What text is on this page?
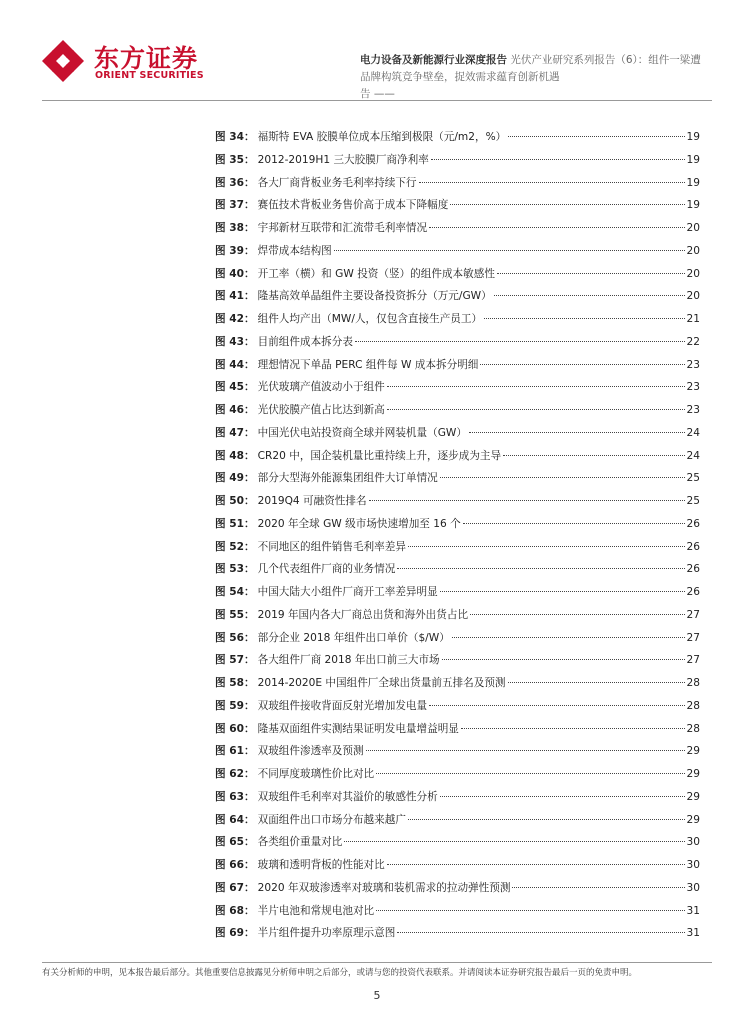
东方证券
ORIENT SECURITIES
电力设备及新能源行业深度报告 光伏产业研究系列报告（6）：组件一梁遭品牌构筑竞争壁垒，捉效需求蕴育创新机遇
告 ——
图 34： 福斯特 EVA 胶膜单位成本压缩到极限（元/m2，%）	19
图 35： 2012-2019H1 三大胶膜厂商净利率	19
图 36： 各大厂商背板业务毛利率持续下行	19
图 37： 赛伍技术背板业务售价高于成本下降幅度	19
图 38： 宇邦新材互联带和汇流带毛利率情况	20
图 39： 焊带成本结构图	20
图 40： 开工率（横）和 GW 投资（竖）的组件成本敏感性	20
图 41： 隆基高效单晶组件主要设备投资拆分（万元/GW）	20
图 42： 组件人均产出（MW/人，仅包含直接生产员工）	21
图 43： 目前组件成本拆分表	22
图 44： 理想情况下单晶 PERC 组件每 W 成本拆分明细	23
图 45： 光伏玻璃产值波动小于组件	23
图 46： 光伏胶膜产值占比达到新高	23
图 47： 中国光伏电站投资商全球并网装机量（GW）	24
图 48： CR20 中，国企装机量比重持续上升，逐步成为主导	24
图 49： 部分大型海外能源集团组件大订单情况	25
图 50： 2019Q4 可融资性排名	25
图 51： 2020 年全球 GW 级市场快速增加至 16 个	26
图 52： 不同地区的组件销售毛利率差异	26
图 53： 几个代表组件厂商的业务情况	26
图 54： 中国大陆大小组件厂商开工率差异明显	26
图 55： 2019 年国内各大厂商总出货和海外出货占比	27
图 56： 部分企业 2018 年组件出口单价（$/W）	27
图 57： 各大组件厂商 2018 年出口前三大市场	27
图 58： 2014-2020E 中国组件厂全球出货量前五排名及预测	28
图 59： 双玻组件接收背面反射光增加发电量	28
图 60： 隆基双面组件实测结果证明发电量增益明显	28
图 61： 双玻组件渗透率及预测	29
图 62： 不同厚度玻璃性价比对比	29
图 63： 双玻组件毛利率对其溢价的敏感性分析	29
图 64： 双面组件出口市场分布越来越广	29
图 65： 各类组价重量对比	30
图 66： 玻璃和透明背板的性能对比	30
图 67： 2020 年双玻渗透率对玻璃和装机需求的拉动弹性预测	30
图 68： 半片电池和常规电池对比	31
图 69： 半片组件提升功率原理示意图	31
有关分析师的申明，见本报告最后部分。其他重要信息披露见分析师申明之后部分，或请与您的投资代表联系。并请阅读本证券研究报告最后一页的免责申明。
5
